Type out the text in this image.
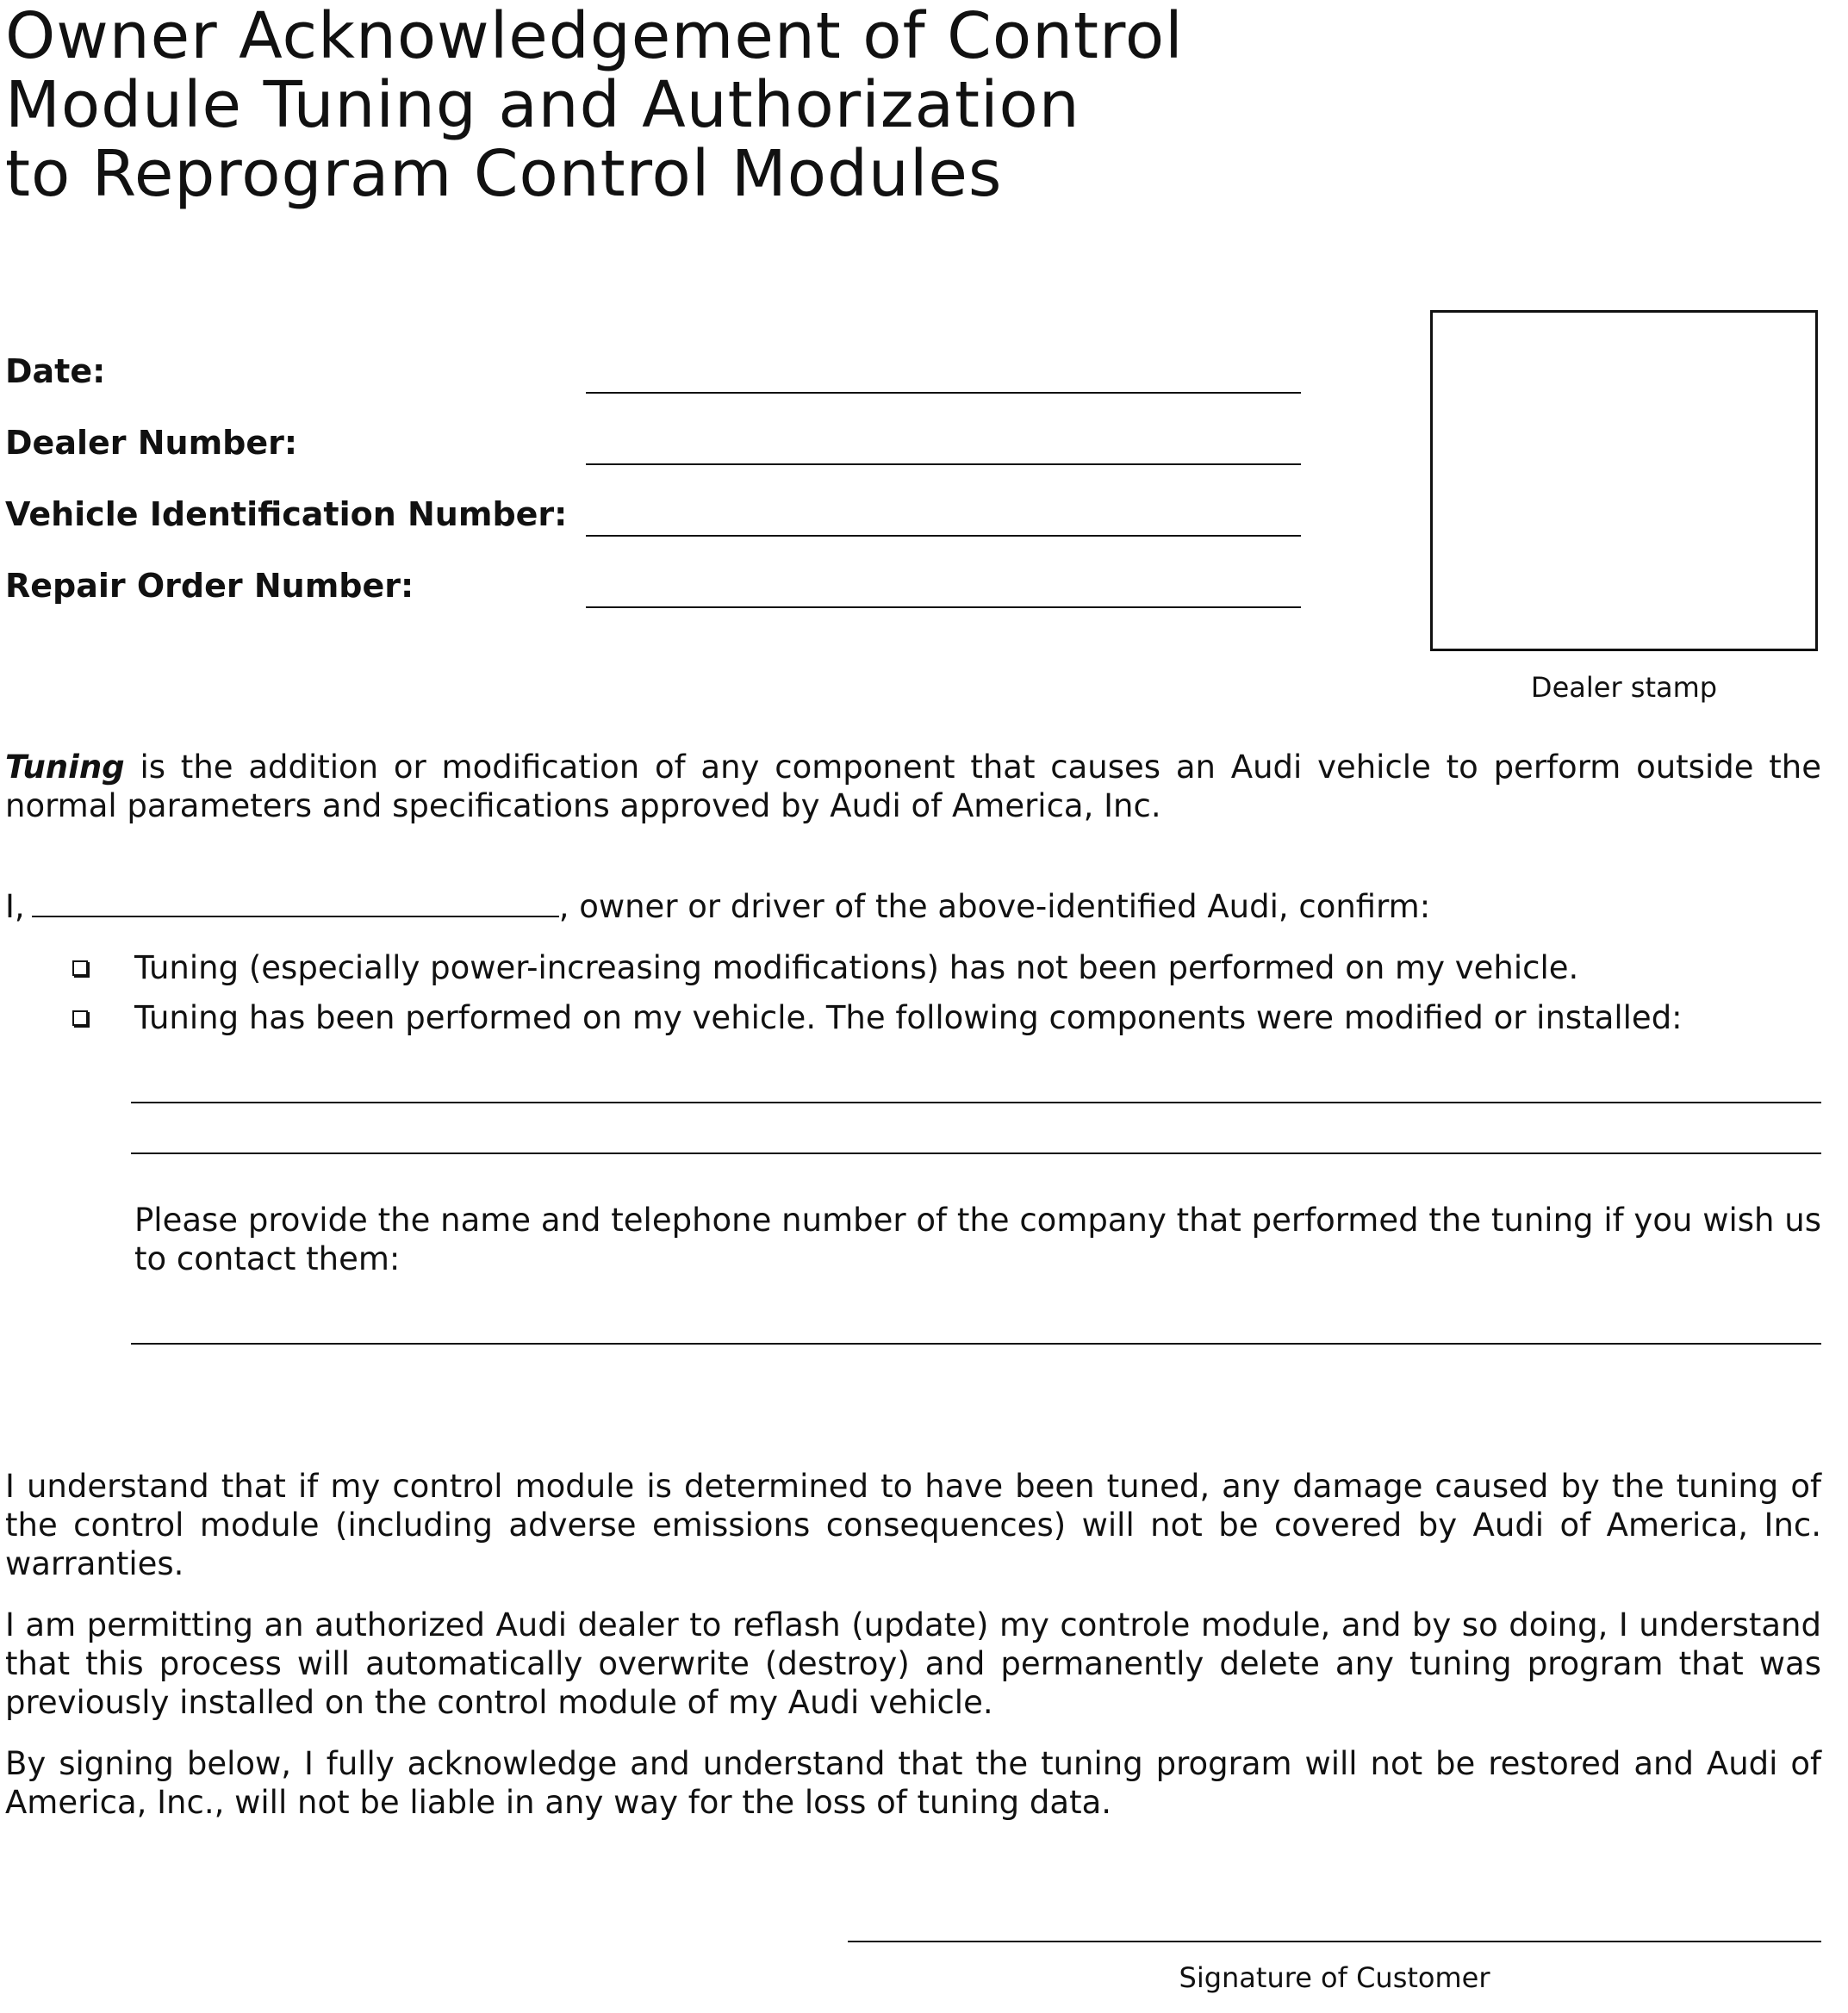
Owner Acknowledgement of Control
Module Tuning and Authorization
to Reprogram Control Modules
Date:
Dealer Number:
Vehicle Identification Number:
Repair Order Number:
Dealer stamp

Tuning is the addition or modification of any component that causes an Audi vehicle to perform outside the normal parameters and specifications approved by Audi of America, Inc.

I,	, owner or driver of the above-identified Audi, confirm:
Tuning (especially power-increasing modifications) has not been performed on my vehicle.
Tuning has been performed on my vehicle. The following components were modified or installed:

Please provide the name and telephone number of the company that performed the tuning if you wish us to contact them:

I understand that if my control module is determined to have been tuned, any damage caused by the tuning of the control module (including adverse emissions consequences) will not be covered by Audi of America, Inc. warranties.

I am permitting an authorized Audi dealer to reflash (update) my controle module, and by so doing, I understand that this process will automatically overwrite (destroy) and permanently delete any tuning program that was previously installed on the control module of my Audi vehicle.

By signing below, I fully acknowledge and understand that the tuning program will not be restored and Audi of America, Inc., will not be liable in any way for the loss of tuning data.

Signature of Customer
